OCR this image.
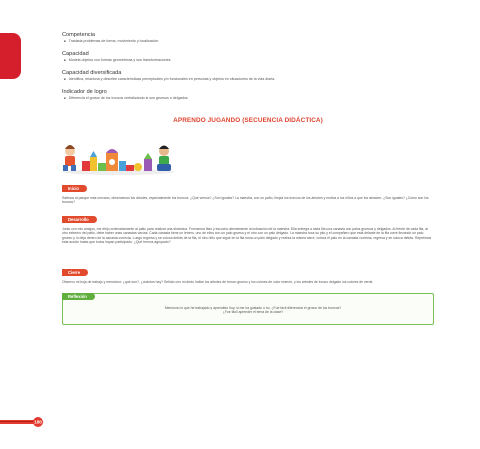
Competencia
■ Traslada problemas de forma, movimiento y localización.
Capacidad
■ Modela objetos con formas geométricas y sus transformaciones.
Capacidad diversificada
■ Identifica, relaciona y describe características perceptuales y/o funcionales en personas y objetos en situaciones de la vida diaria.
Indicador de logro
■ Diferencia el grosor de los troncos verbalizando si son gruesos o delgados.
APRENDO JUGANDO (SECUENCIA DIDÁCTICA)
Inicio
Salimos al parque más cercano, observamos los árboles, especialmente los troncos. ¿Qué vemos? ¿Son iguales? La maestra, con un paño, limpia los troncos de los árboles y motiva a los niños a que los abracen. ¿Son iguales? ¿Cómo son los troncos?
Desarrollo
Junto con mis amigos, me dirijo ordenadamente al patio para realizar una dinámica. Formamos filas y escucho atentamente la indicación de la maestra. Ella entrega a cada fila una canasta con palos gruesos y delgados. Al frente de cada fila, al otro extremo del patio, debe haber unas canastas vacías. Cada canasta tiene un letrero, uno de ellos con un palo grueso y el otro con un palo delgado. La maestra toca su pito y el compañero que está delante de la fila corre llevando un palo grueso y lo deja dentro de la canasta correcta. Luego regresa y se coloca detrás de la fila, el otro niño que sigue en la fila toma un palo delgado y realiza la misma carre, coloca el palo en la canasta correcta, regresa y se coloca detrás. Repetimos esta acción hasta que todos hayan participado. ¿Qué hemos agrupado?
Cierre
Observo mi hoja de trabajo y menciono: ¿qué son?, ¿cuántos hay? Señalo con mi dedo índice los árboles de tronco grueso y los colores de color marrón, y los árboles de tronco delgado los colores de verde.
Reflexión
Menciono lo que he trabajado y aprendido hoy, si me ha gustado o no. ¿Fue fácil diferenciar el grosor de los troncos?
¿Fue fácil aprender el tema de la clase?
180
